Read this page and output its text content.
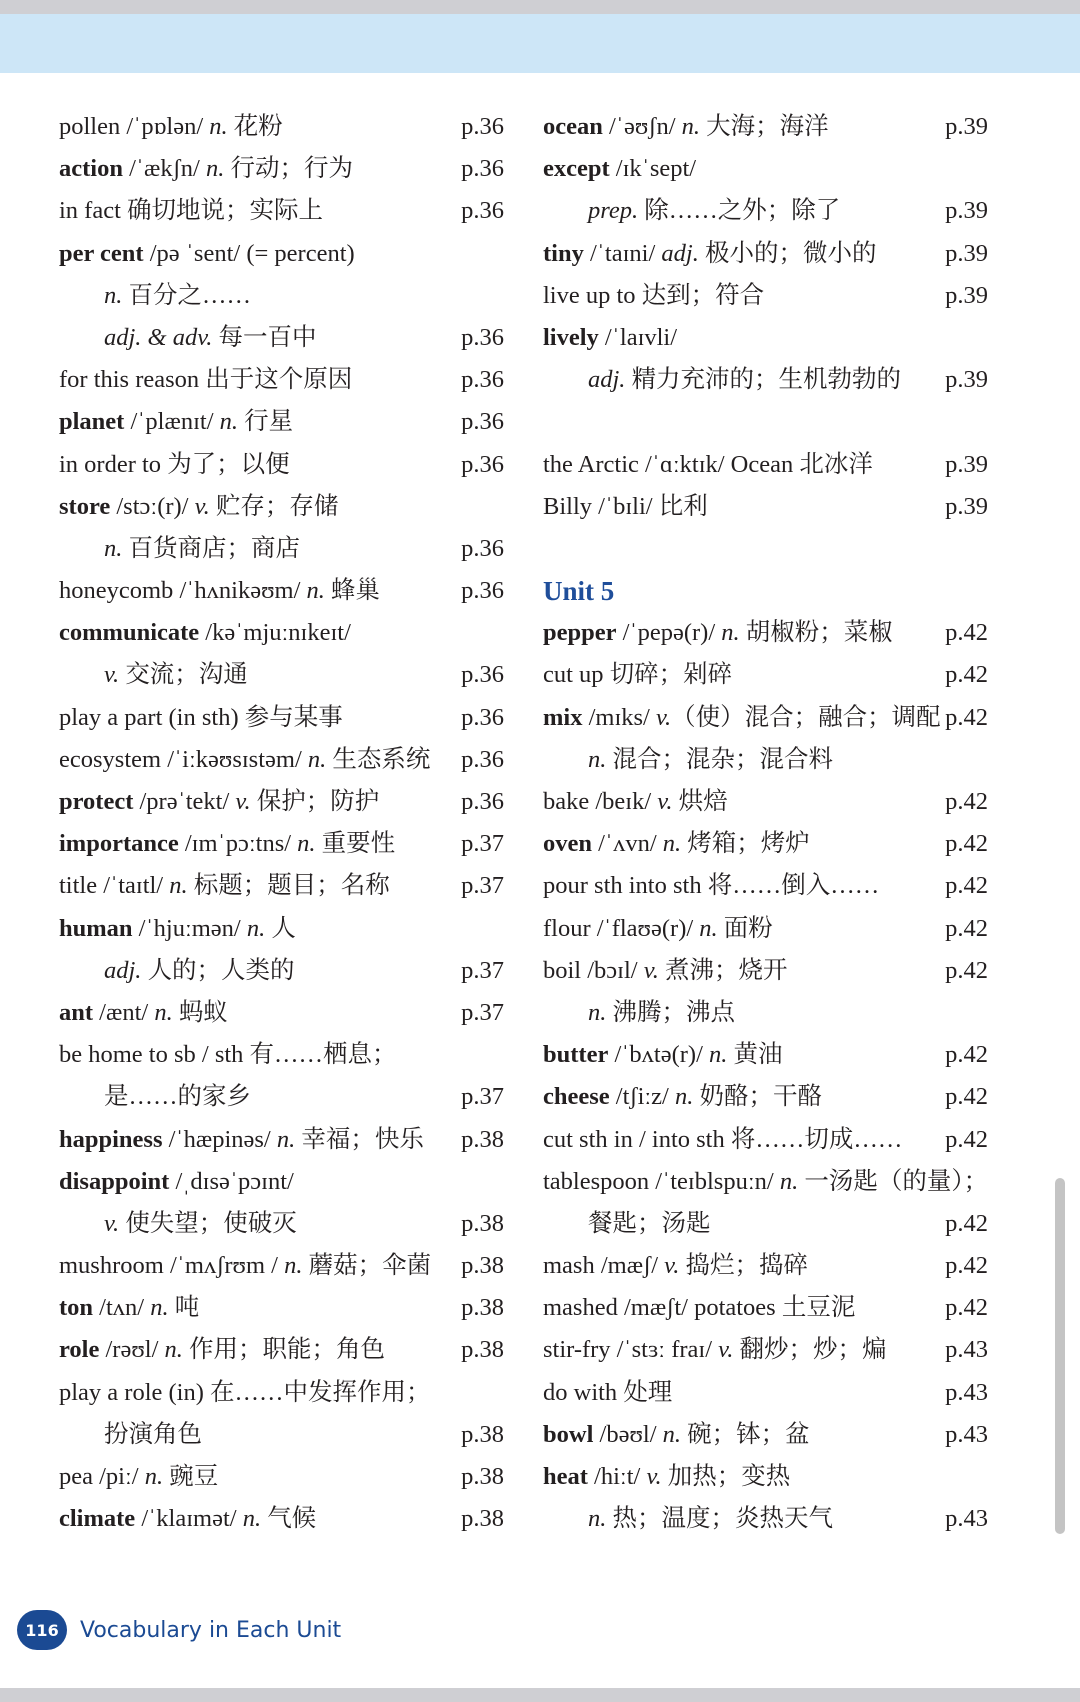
pollen /ˈpɒlən/ n. 花粉	p.36
action /ˈækʃn/ n. 行动；行为	p.36
in fact 确切地说；实际上	p.36
per cent /pə ˈsent/ (= percent)
n. 百分之……
adj. & adv. 每一百中	p.36
for this reason 出于这个原因	p.36
planet /ˈplænɪt/ n. 行星	p.36
in order to 为了；以便	p.36
store /stɔː(r)/ v. 贮存；存储
n. 百货商店；商店	p.36
honeycomb /ˈhʌnikəʊm/ n. 蜂巢	p.36
communicate /kəˈmjuːnɪkeɪt/
v. 交流；沟通	p.36
play a part (in sth) 参与某事	p.36
ecosystem /ˈiːkəʊsɪstəm/ n. 生态系统 p.36
protect /prəˈtekt/ v. 保护；防护	p.36
importance /ɪmˈpɔːtns/ n. 重要性	p.37
title /ˈtaɪtl/ n. 标题；题目；名称	p.37
human /ˈhjuːmən/ n. 人
adj. 人的；人类的	p.37
ant /ænt/ n. 蚂蚁	p.37
be home to sb / sth 有……栖息；
是……的家乡	p.37
happiness /ˈhæpinəs/ n. 幸福；快乐 p.38
disappoint /ˌdɪsəˈpɔɪnt/
v. 使失望；使破灭	p.38
mushroom /ˈmʌʃrʊm / n. 蘑菇；伞菌 p.38
ton /tʌn/ n. 吨	p.38
role /rəʊl/ n. 作用；职能；角色	p.38
play a role (in) 在……中发挥作用；
扮演角色	p.38
pea /piː/ n. 豌豆	p.38
climate /ˈklaɪmət/ n. 气候	p.38
ocean /ˈəʊʃn/ n. 大海；海洋	p.39
except /ɪkˈsept/
prep. 除……之外；除了	p.39
tiny /ˈtaɪni/ adj. 极小的；微小的	p.39
live up to 达到；符合	p.39
lively /ˈlaɪvli/
adj. 精力充沛的；生机勃勃的 p.39
the Arctic /ˈɑːktɪk/ Ocean 北冰洋	p.39
Billy /ˈbɪli/ 比利	p.39
Unit 5
pepper /ˈpepə(r)/ n. 胡椒粉；菜椒 p.42
cut up 切碎；剁碎	p.42
mix /mɪks/ v.（使）混合；融合；调配 p.42
n. 混合；混杂；混合料
bake /beɪk/ v. 烘焙	p.42
oven /ˈʌvn/ n. 烤箱；烤炉	p.42
pour sth into sth 将……倒入……	p.42
flour /ˈflaʊə(r)/ n. 面粉	p.42
boil /bɔɪl/ v. 煮沸；烧开	p.42
n. 沸腾；沸点
butter /ˈbʌtə(r)/ n. 黄油	p.42
cheese /tʃiːz/ n. 奶酪；干酪	p.42
cut sth in / into sth 将……切成…… p.42
tablespoon /ˈteɪblspuːn/ n. 一汤匙（的量）；
餐匙；汤匙	p.42
mash /mæʃ/ v. 捣烂；捣碎	p.42
mashed /mæʃt/ potatoes 土豆泥	p.42
stir-fry /ˈstɜː fraɪ/ v. 翻炒；炒；煸 p.43
do with 处理	p.43
bowl /bəʊl/ n. 碗；钵；盆	p.43
heat /hiːt/ v. 加热；变热
n. 热；温度；炎热天气	p.43
116 Vocabulary in Each Unit
